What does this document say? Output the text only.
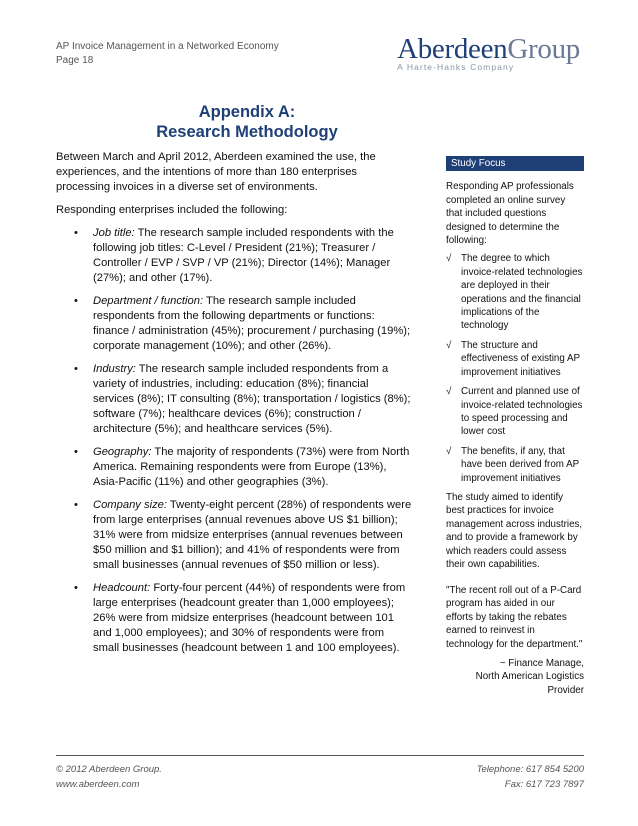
AP Invoice Management in a Networked Economy
Page 18	AberdeenGroup
A Harte-Hanks Company
Appendix A:
Research Methodology

Between March and April 2012, Aberdeen examined the use, the experiences, and the intentions of more than 180 enterprises processing invoices in a diverse set of environments.

Responding enterprises included the following:

• Job title: The research sample included respondents with the following job titles: C-Level / President (21%); Treasurer / Controller / EVP / SVP / VP (21%); Director (14%); Manager (27%); and other (17%).
• Department / function: The research sample included respondents from the following departments or functions: finance / administration (45%); procurement / purchasing (19%); corporate management (10%); and other (26%).
• Industry: The research sample included respondents from a variety of industries, including: education (8%); financial services (8%); IT consulting (8%); transportation / logistics (8%); software (7%); healthcare devices (6%); construction / architecture (5%); and healthcare services (5%).
• Geography: The majority of respondents (73%) were from North America. Remaining respondents were from Europe (13%), Asia-Pacific (11%) and other geographies (3%).
• Company size: Twenty-eight percent (28%) of respondents were from large enterprises (annual revenues above US $1 billion); 31% were from midsize enterprises (annual revenues between $50 million and $1 billion); and 41% of respondents were from small businesses (annual revenues of $50 million or less).
• Headcount: Forty-four percent (44%) of respondents were from large enterprises (headcount greater than 1,000 employees); 26% were from midsize enterprises (headcount between 101 and 1,000 employees); and 30% of respondents were from small businesses (headcount between 1 and 100 employees).
Study Focus

Responding AP professionals completed an online survey that included questions designed to determine the following:

√ The degree to which invoice-related technologies are deployed in their operations and the financial implications of the technology
√ The structure and effectiveness of existing AP improvement initiatives
√ Current and planned use of invoice-related technologies to speed processing and lower cost
√ The benefits, if any, that have been derived from AP improvement initiatives

The study aimed to identify best practices for invoice management across industries, and to provide a framework by which readers could assess their own capabilities.

"The recent roll out of a P-Card program has aided in our efforts by taking the rebates earned to reinvest in technology for the department."
~ Finance Manage,
North American Logistics
Provider
© 2012 Aberdeen Group.
www.aberdeen.com
Telephone: 617 854 5200
Fax: 617 723 7897
